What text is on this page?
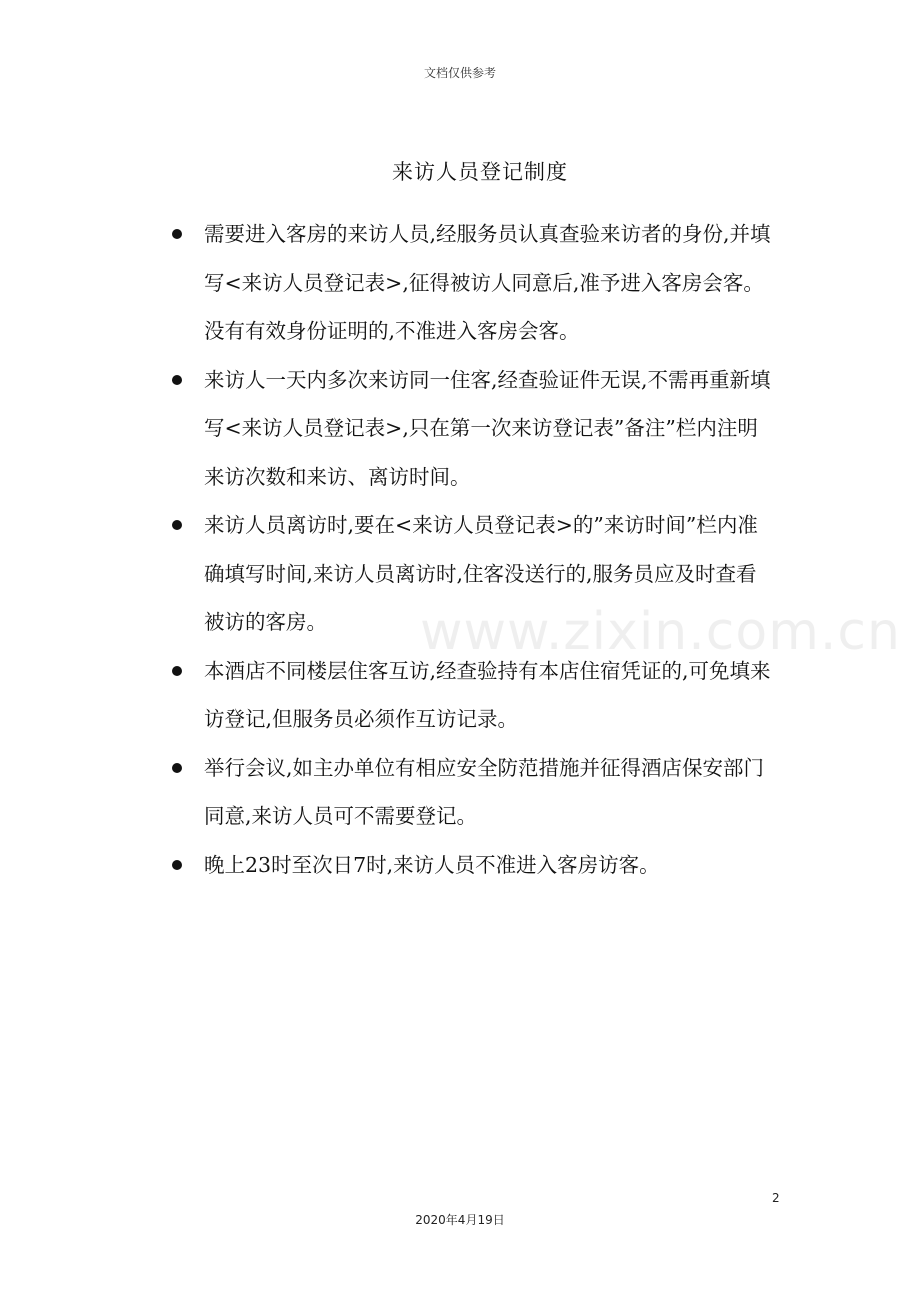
文档仅供参考
来访人员登记制度
需要进入客房的来访人员,经服务员认真查验来访者的身份,并填写<来访人员登记表>,征得被访人同意后,准予进入客房会客。没有有效身份证明的,不准进入客房会客。
来访人一天内多次来访同一住客,经查验证件无误,不需再重新填写<来访人员登记表>,只在第一次来访登记表”备注”栏内注明来访次数和来访、离访时间。
来访人员离访时,要在<来访人员登记表>的”来访时间”栏内准确填写时间,来访人员离访时,住客没送行的,服务员应及时查看被访的客房。
本酒店不同楼层住客互访,经查验持有本店住宿凭证的,可免填来访登记,但服务员必须作互访记录。
举行会议,如主办单位有相应安全防范措施并征得酒店保安部门同意,来访人员可不需要登记。
晚上23时至次日7时,来访人员不准进入客房访客。
www.zixin.com.cn
2
2020年4月19日
